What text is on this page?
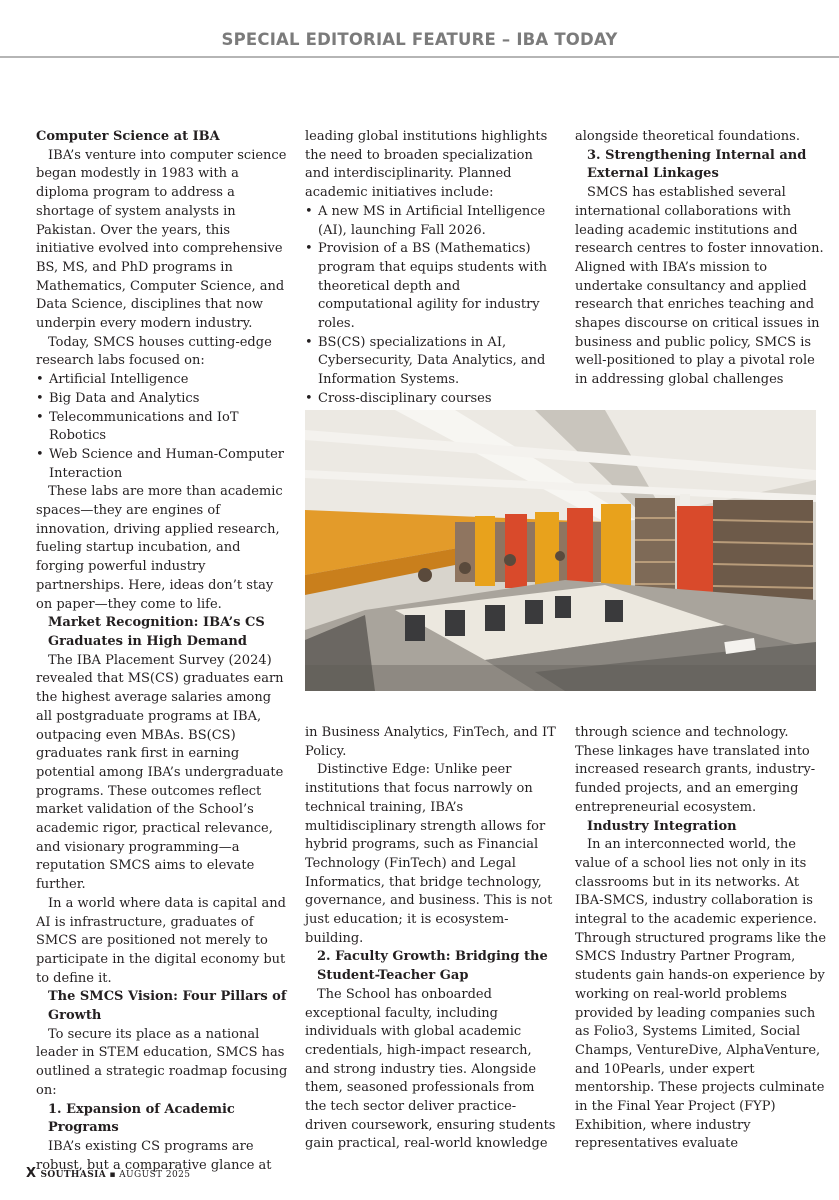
SPECIAL EDITORIAL FEATURE – IBA TODAY

Computer Science at IBA

IBA’s venture into computer science began modestly in 1983 with a diploma program to address a shortage of system analysts in Pakistan. Over the years, this initiative evolved into comprehensive BS, MS, and PhD programs in Mathematics, Computer Science, and Data Science, disciplines that now underpin every modern industry.

Today, SMCS houses cutting-edge research labs focused on:

• Artificial Intelligence
• Big Data and Analytics
• Telecommunications and IoT Robotics
• Web Science and Human-Computer Interaction

These labs are more than academic spaces—they are engines of innovation, driving applied research, fueling startup incubation, and forging powerful industry partnerships. Here, ideas don’t stay on paper—they come to life.

Market Recognition: IBA’s CS Graduates in High Demand

The IBA Placement Survey (2024) revealed that MS(CS) graduates earn the highest average salaries among all postgraduate programs at IBA, outpacing even MBAs. BS(CS) graduates rank first in earning potential among IBA’s undergraduate programs. These outcomes reflect market validation of the School’s academic rigor, practical relevance, and visionary programming—a reputation SMCS aims to elevate further.

In a world where data is capital and AI is infrastructure, graduates of SMCS are positioned not merely to participate in the digital economy but to define it.

The SMCS Vision: Four Pillars of Growth

To secure its place as a national leader in STEM education, SMCS has outlined a strategic roadmap focusing on:

1. Expansion of Academic Programs

IBA’s existing CS programs are robust, but a comparative glance at

leading global institutions highlights the need to broaden specialization and interdisciplinarity. Planned academic initiatives include:

• A new MS in Artificial Intelligence (AI), launching Fall 2026.
• Provision of a BS (Mathematics) program that equips students with theoretical depth and computational agility for industry roles.
• BS(CS) specializations in AI, Cybersecurity, Data Analytics, and Information Systems.
• Cross-disciplinary courses

alongside theoretical foundations.

3. Strengthening Internal and External Linkages

SMCS has established several international collaborations with leading academic institutions and research centres to foster innovation. Aligned with IBA’s mission to undertake consultancy and applied research that enriches teaching and shapes discourse on critical issues in business and public policy, SMCS is well-positioned to play a pivotal role in addressing global challenges

in Business Analytics, FinTech, and IT Policy.

Distinctive Edge: Unlike peer institutions that focus narrowly on technical training, IBA’s multidisciplinary strength allows for hybrid programs, such as Financial Technology (FinTech) and Legal Informatics, that bridge technology, governance, and business. This is not just education; it is ecosystem-building.

2. Faculty Growth: Bridging the Student-Teacher Gap

The School has onboarded exceptional faculty, including individuals with global academic credentials, high-impact research, and strong industry ties. Alongside them, seasoned professionals from the tech sector deliver practice-driven coursework, ensuring students gain practical, real-world knowledge

through science and technology. These linkages have translated into increased research grants, industry-funded projects, and an emerging entrepreneurial ecosystem.

Industry Integration

In an interconnected world, the value of a school lies not only in its classrooms but in its networks. At IBA-SMCS, industry collaboration is integral to the academic experience. Through structured programs like the SMCS Industry Partner Program, students gain hands-on experience by working on real-world problems provided by leading companies such as Folio3, Systems Limited, Social Champs, VentureDive, AlphaVenture, and 10Pearls, under expert mentorship. These projects culminate in the Final Year Project (FYP) Exhibition, where industry representatives evaluate

X SOUTHASIA ▪ AUGUST 2025
